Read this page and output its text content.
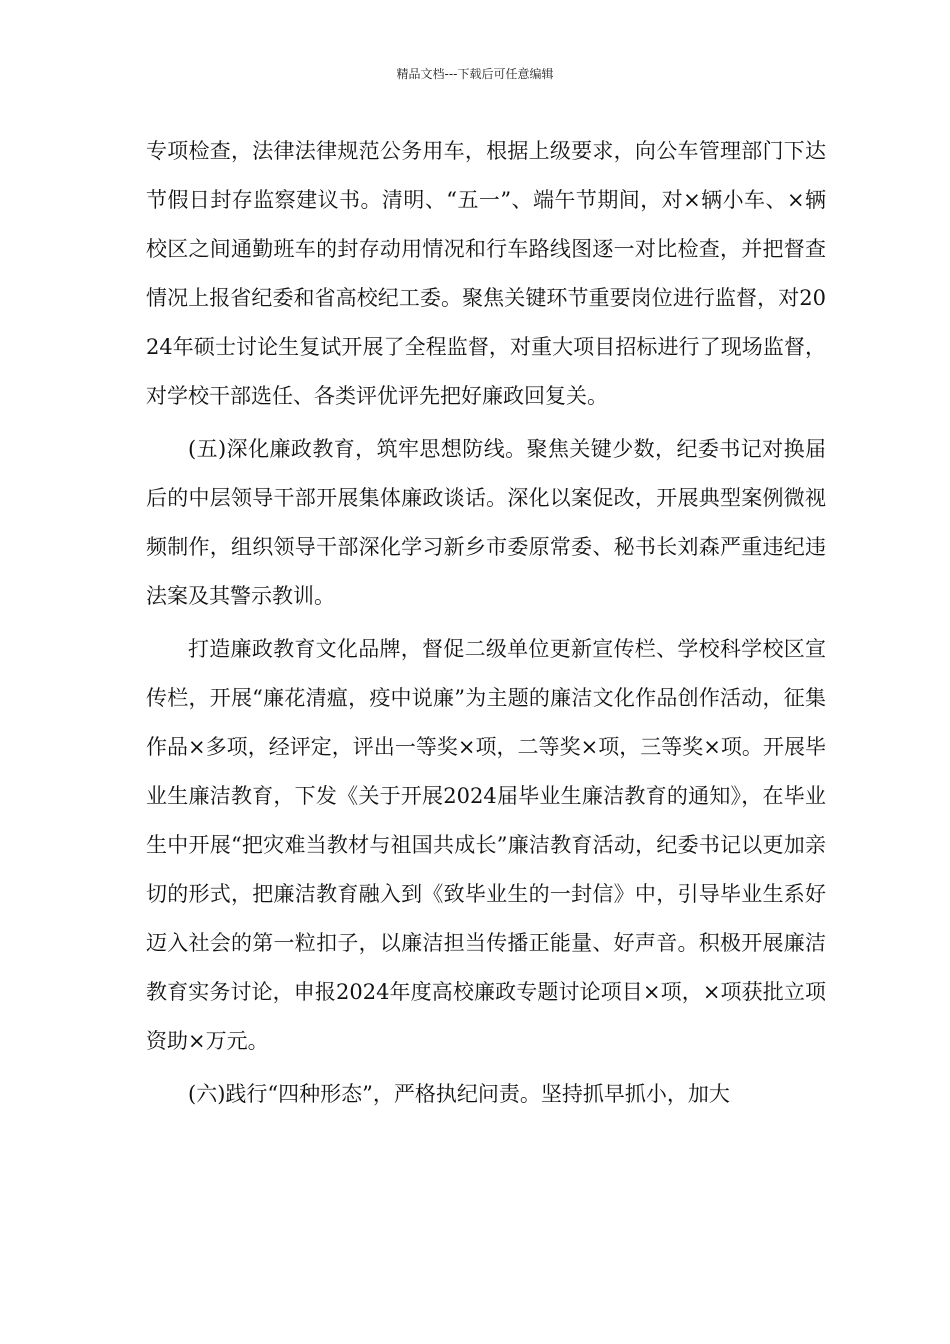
精品文档---下载后可任意编辑

专项检查，法律法律规范公务用车，根据上级要求，向公车管理部门下达节假日封存监察建议书。清明、“五一”、端午节期间，对×辆小车、×辆校区之间通勤班车的封存动用情况和行车路线图逐一对比检查，并把督查情况上报省纪委和省高校纪工委。聚焦关键环节重要岗位进行监督，对2024年硕士讨论生复试开展了全程监督，对重大项目招标进行了现场监督，对学校干部选任、各类评优评先把好廉政回复关。

(五)深化廉政教育，筑牢思想防线。聚焦关键少数，纪委书记对换届后的中层领导干部开展集体廉政谈话。深化以案促改，开展典型案例微视频制作，组织领导干部深化学习新乡市委原常委、秘书长刘森严重违纪违法案及其警示教训。

打造廉政教育文化品牌，督促二级单位更新宣传栏、学校科学校区宣传栏，开展“廉花清瘟，疫中说廉”为主题的廉洁文化作品创作活动，征集作品×多项，经评定，评出一等奖×项，二等奖×项，三等奖×项。开展毕业生廉洁教育，下发《关于开展2024届毕业生廉洁教育的通知》，在毕业生中开展“把灾难当教材与祖国共成长”廉洁教育活动，纪委书记以更加亲切的形式，把廉洁教育融入到《致毕业生的一封信》中，引导毕业生系好迈入社会的第一粒扣子，以廉洁担当传播正能量、好声音。积极开展廉洁教育实务讨论，申报2024年度高校廉政专题讨论项目×项，×项获批立项资助×万元。

(六)践行“四种形态”，严格执纪问责。坚持抓早抓小，加大
